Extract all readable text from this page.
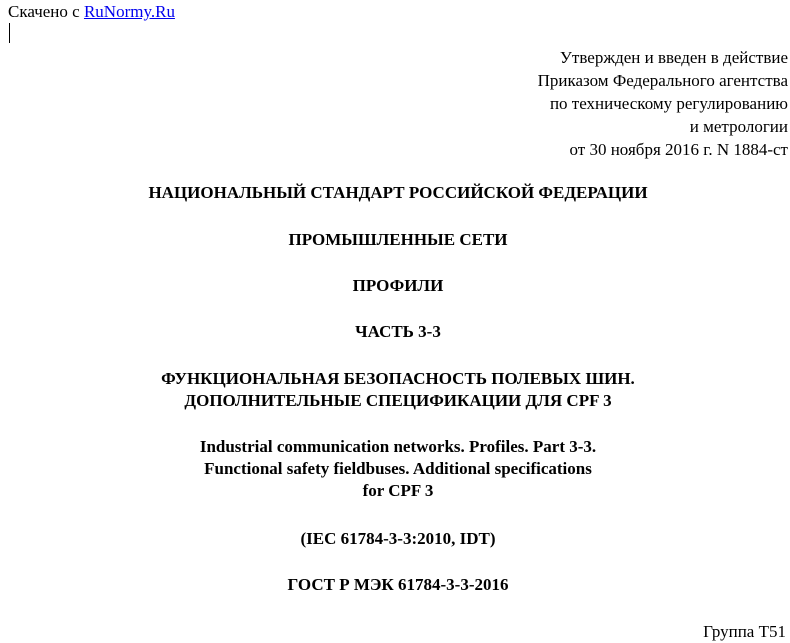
Скачено с RuNormy.Ru
Утвержден и введен в действие
Приказом Федерального агентства
по техническому регулированию
и метрологии
от 30 ноября 2016 г. N 1884-ст
НАЦИОНАЛЬНЫЙ СТАНДАРТ РОССИЙСКОЙ ФЕДЕРАЦИИ
ПРОМЫШЛЕННЫЕ СЕТИ
ПРОФИЛИ
ЧАСТЬ 3-3
ФУНКЦИОНАЛЬНАЯ БЕЗОПАСНОСТЬ ПОЛЕВЫХ ШИН.
ДОПОЛНИТЕЛЬНЫЕ СПЕЦИФИКАЦИИ ДЛЯ CPF 3
Industrial communication networks. Profiles. Part 3-3.
Functional safety fieldbuses. Additional specifications
for CPF 3
(IEC 61784-3-3:2010, IDT)
ГОСТ Р МЭК 61784-3-3-2016
Группа Т51
